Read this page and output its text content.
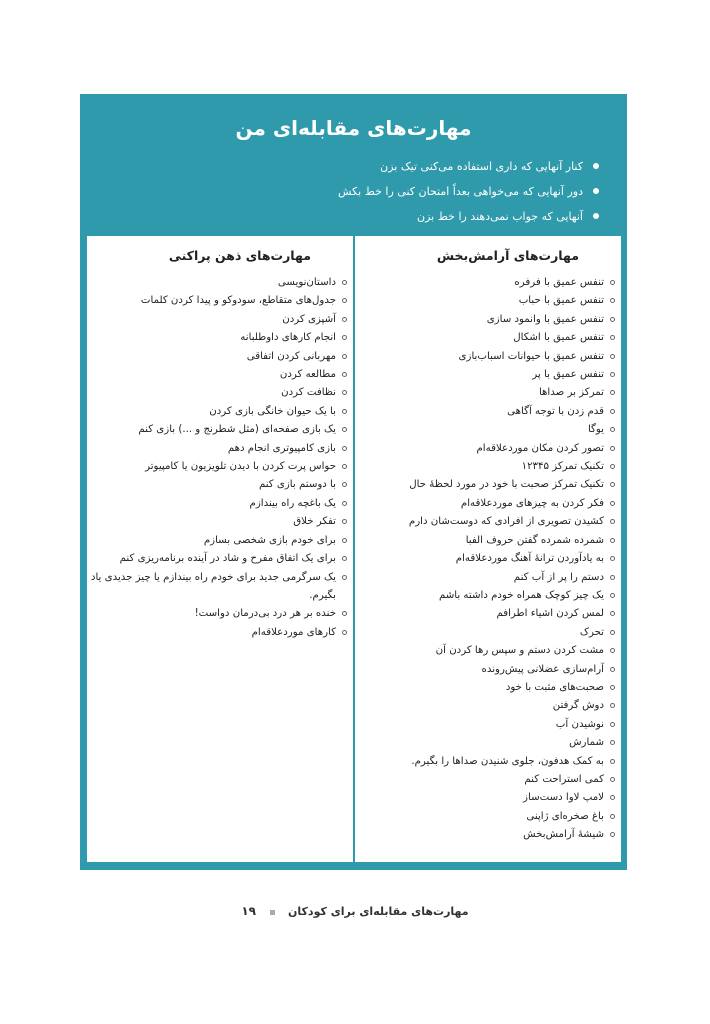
مهارت‌های مقابله‌ای من
کنار آنهایی که داری استفاده می‌کنی تیک بزن
دور آنهایی که می‌خواهی بعداً امتحان کنی را خط بکش
آنهایی که جواب نمی‌دهند را خط بزن
مهارت‌های آرامش‌بخش
تنفس عمیق با فرفره
تنفس عمیق با حباب
تنفس عمیق با وانمود سازی
تنفس عمیق با اشکال
تنفس عمیق با حیوانات اسباب‌بازی
تنفس عمیق با پر
تمرکز بر صداها
قدم زدن با توجه آگاهی
یوگا
تصور کردن مکان موردعلاقه‌ام
تکنیک تمرکز ۱۲۳۴۵
تکنیک تمرکز صحبت با خود در مورد لحظهٔ حال
فکر کردن به چیزهای موردعلاقه‌ام
کشیدن تصویری از افرادی که دوست‌شان دارم
شمرده شمرده گفتن حروف الفبا
به یادآوردن ترانهٔ آهنگ موردعلاقه‌ام
دستم را پر از آب کنم
یک چیز کوچک همراه خودم داشته باشم
لمس کردن اشیاء اطرافم
تحرک
مشت کردن دستم و سپس رها کردن آن
آرام‌سازی عضلانی پیش‌رونده
صحبت‌های مثبت با خود
دوش گرفتن
نوشیدن آب
شمارش
به کمک هدفون، جلوی شنیدن صداها را بگیرم.
کمی استراحت کنم
لامپ لاوا دست‌ساز
باغ صخره‌ای ژاپنی
شیشهٔ آرامش‌بخش
مهارت‌های ذهن پراکنی
داستان‌نویسی
جدول‌های متقاطع، سودوکو و پیدا کردن کلمات
آشپزی کردن
انجام کارهای داوطلبانه
مهربانی کردن اتفاقی
مطالعه کردن
نظافت کردن
با یک حیوان خانگی بازی کردن
یک بازی صفحه‌ای (مثل شطرنج و ...) بازی کنم
بازی کامپیوتری انجام دهم
حواس پرت کردن با دیدن تلویزیون یا کامپیوتر
با دوستم بازی کنم
یک باغچه راه بیندازم
تفکر خلاق
برای خودم بازی شخصی بسازم
برای یک اتفاق مفرح و شاد در آینده برنامه‌ریزی کنم
یک سرگرمی جدید برای خودم راه بیندازم یا چیز جدیدی یاد بگیرم.
خنده بر هر درد بی‌درمان دواست!
کارهای موردعلاقه‌ام
مهارت‌های مقابله‌ای برای کودکان  ۱۹
